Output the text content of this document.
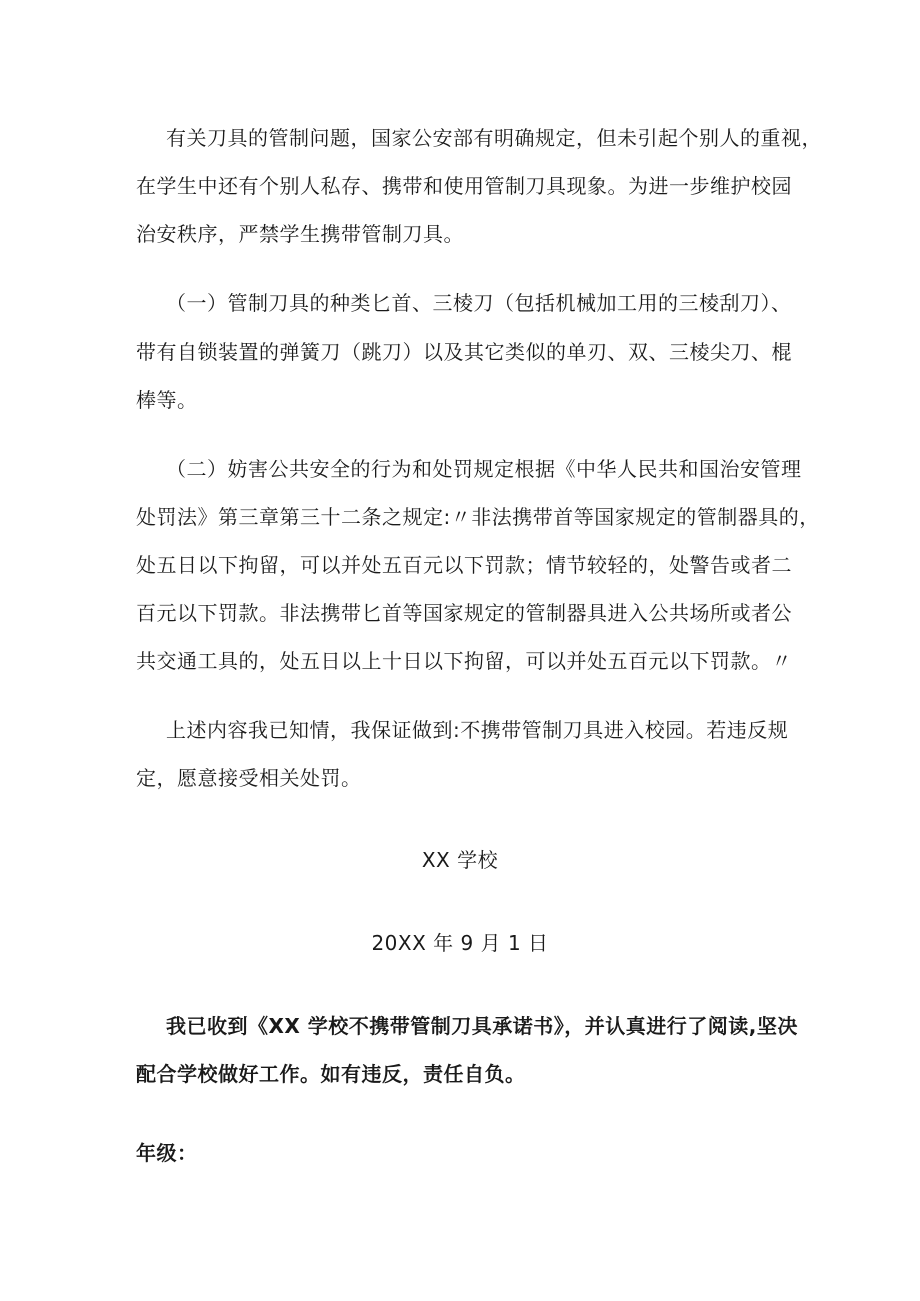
有关刀具的管制问题，国家公安部有明确规定，但未引起个别人的重视，
在学生中还有个别人私存、携带和使用管制刀具现象。为进一步维护校园
治安秩序，严禁学生携带管制刀具。
（一）管制刀具的种类匕首、三棱刀（包括机械加工用的三棱刮刀）、
带有自锁装置的弹簧刀（跳刀）以及其它类似的单刃、双、三棱尖刀、棍
棒等。
（二）妨害公共安全的行为和处罚规定根据《中华人民共和国治安管理
处罚法》第三章第三十二条之规定:〃非法携带首等国家规定的管制器具的，
处五日以下拘留，可以并处五百元以下罚款；情节较轻的，处警告或者二
百元以下罚款。非法携带匕首等国家规定的管制器具进入公共场所或者公
共交通工具的，处五日以上十日以下拘留，可以并处五百元以下罚款。〃
上述内容我已知情，我保证做到:不携带管制刀具进入校园。若违反规
定，愿意接受相关处罚。
XX 学校
20XX 年 9 月 1 日
我已收到《XX 学校不携带管制刀具承诺书》，并认真进行了阅读,坚决
配合学校做好工作。如有违反，责任自负。
年级：
